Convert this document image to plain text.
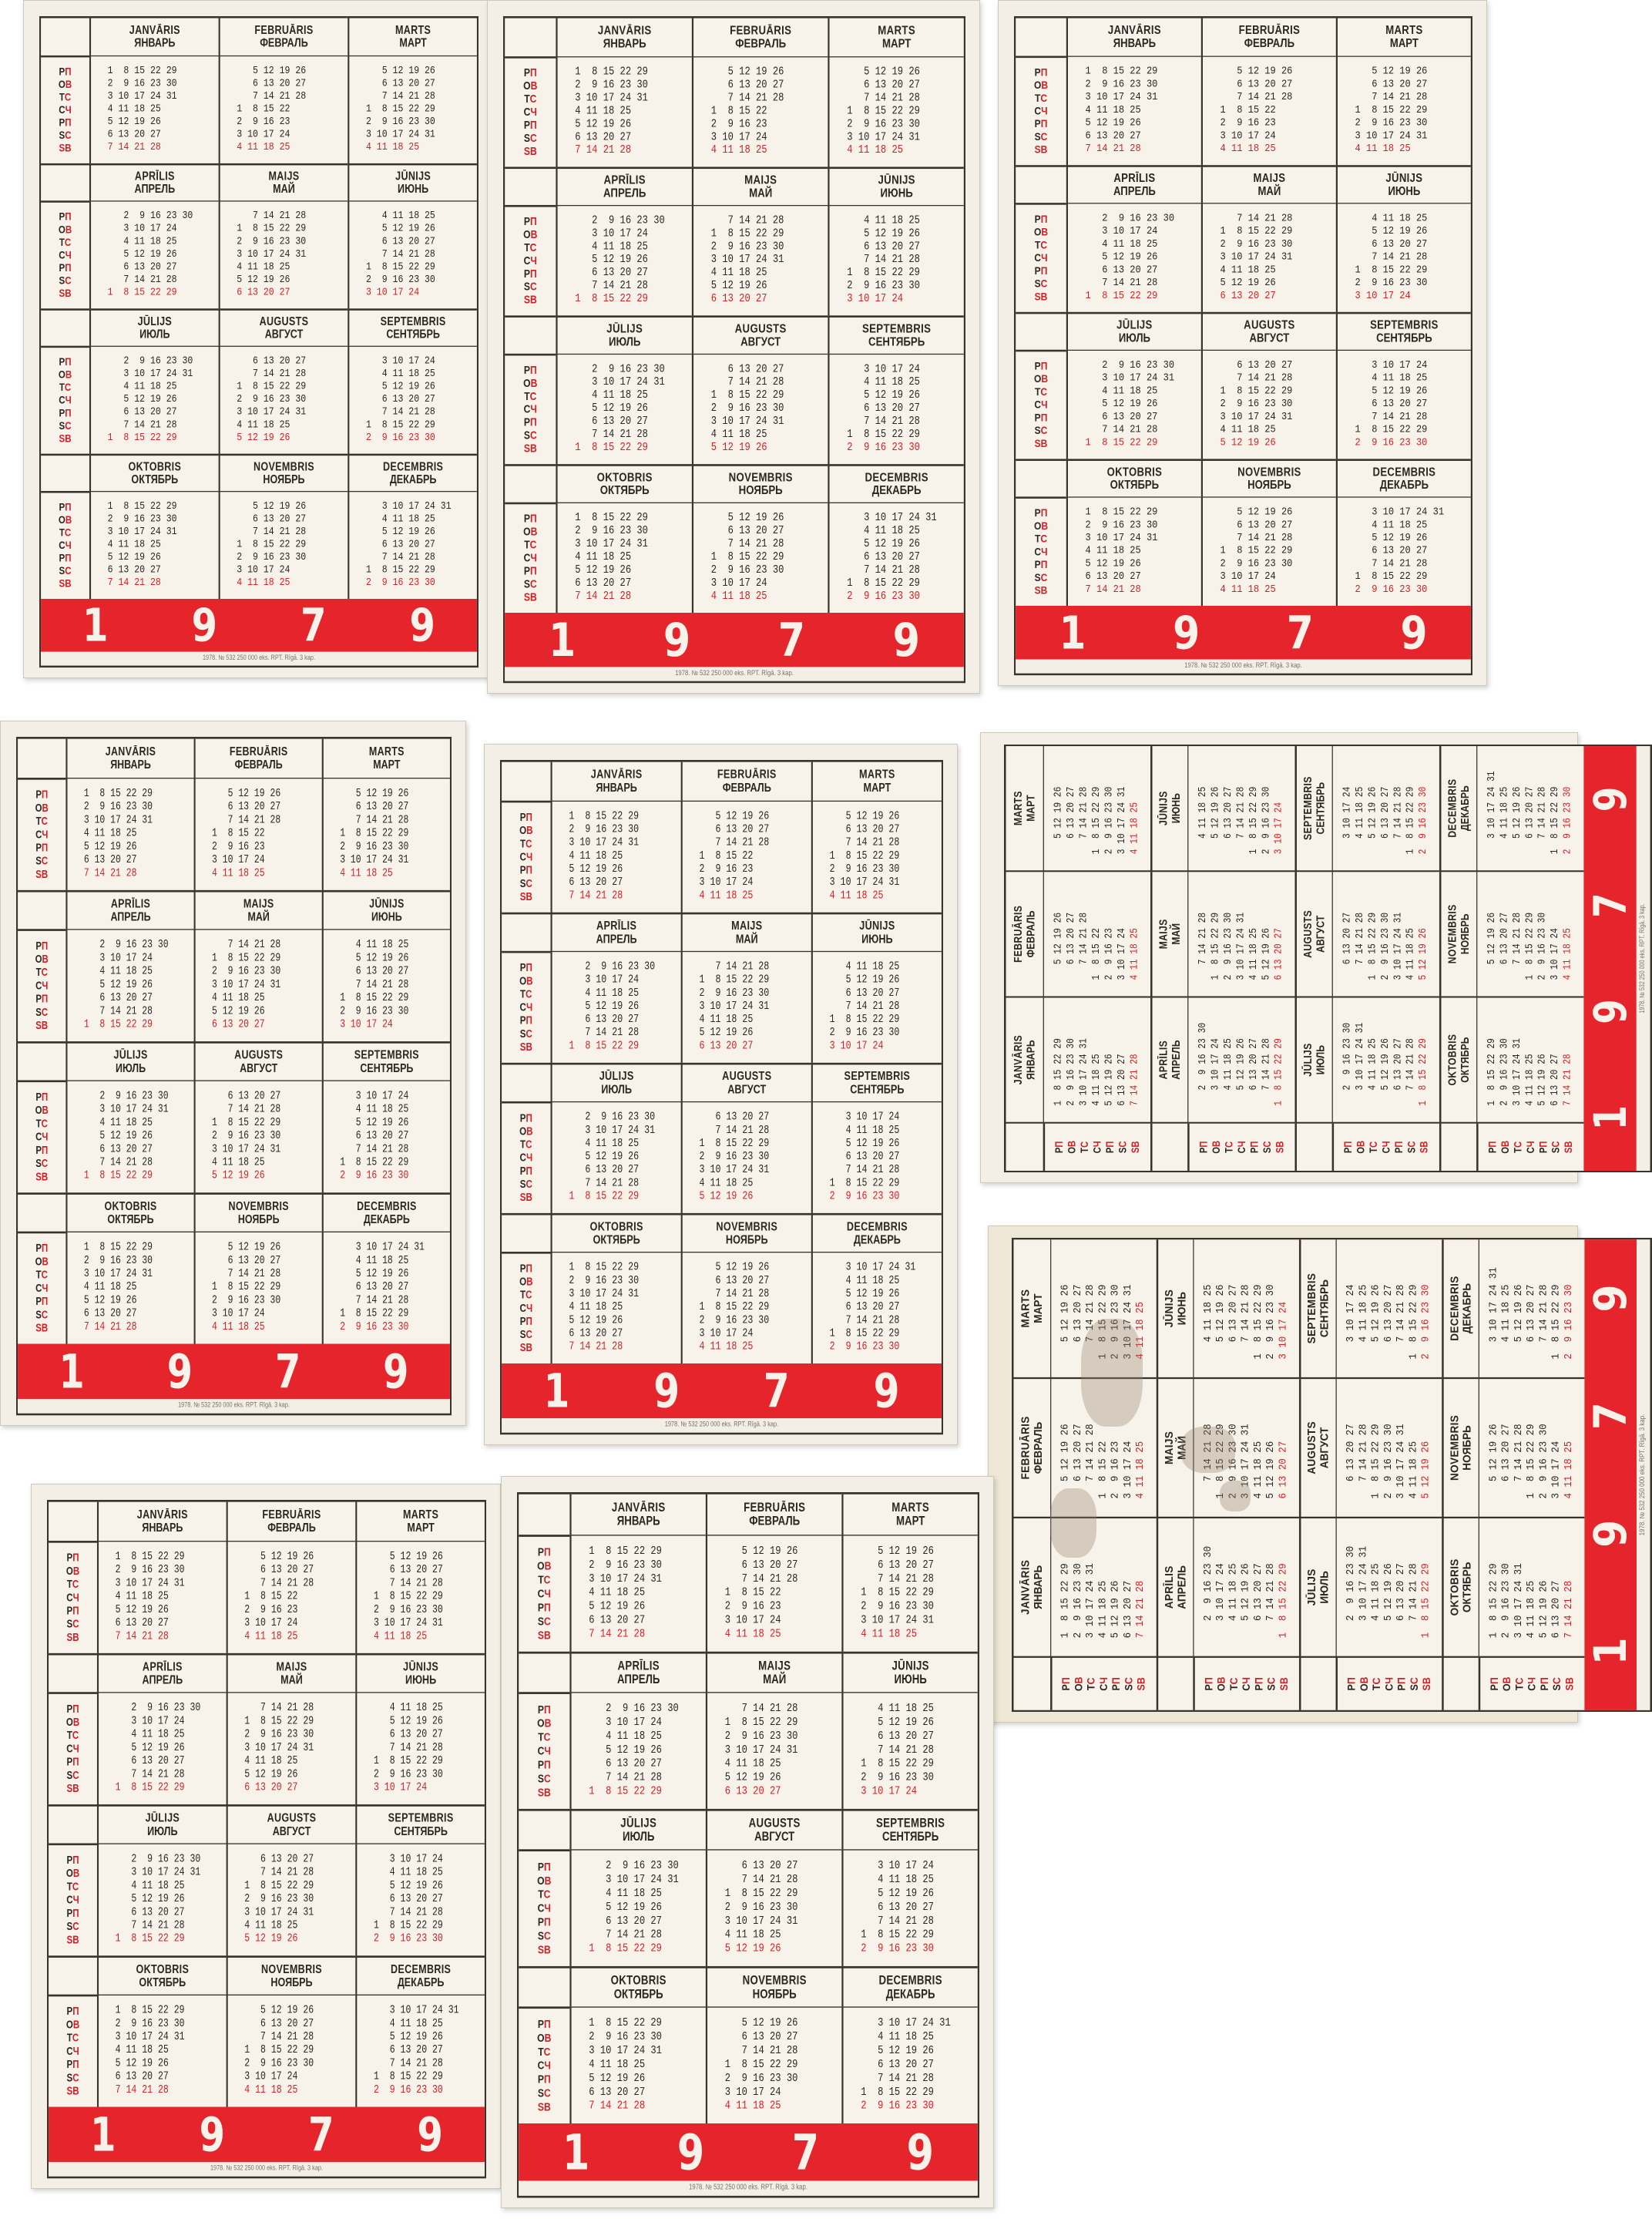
JANVĀRIS
ЯНВАРЬ
FEBRUĀRIS
ФЕВРАЛЬ
MARTS
МАРТ
PП
OВ
TС
CЧ
PП
SС
SB
1  8 15 22 29
2  9 16 23 30
3 10 17 24 31
4 11 18 25
5 12 19 26
6 13 20 27
7 14 21 28
5 12 19 26
6 13 20 27
7 14 21 28
1  8 15 22
2  9 16 23
3 10 17 24
4 11 18 25
5 12 19 26
6 13 20 27
7 14 21 28
1  8 15 22 29
2  9 16 23 30
3 10 17 24 31
4 11 18 25
APRĪLIS
АПРЕЛЬ
MAIJS
МАЙ
JŪNIJS
ИЮНЬ
PП
OВ
TС
CЧ
PП
SС
SB
2  9 16 23 30
3 10 17 24
4 11 18 25
5 12 19 26
6 13 20 27
7 14 21 28
1  8 15 22 29
7 14 21 28
1  8 15 22 29
2  9 16 23 30
3 10 17 24 31
4 11 18 25
5 12 19 26
6 13 20 27
4 11 18 25
5 12 19 26
6 13 20 27
7 14 21 28
1  8 15 22 29
2  9 16 23 30
3 10 17 24
JŪLIJS
ИЮЛЬ
AUGUSTS
АВГУСТ
SEPTEMBRIS
СЕНТЯБРЬ
PП
OВ
TС
CЧ
PП
SС
SB
2  9 16 23 30
3 10 17 24 31
4 11 18 25
5 12 19 26
6 13 20 27
7 14 21 28
1  8 15 22 29
6 13 20 27
7 14 21 28
1  8 15 22 29
2  9 16 23 30
3 10 17 24 31
4 11 18 25
5 12 19 26
3 10 17 24
4 11 18 25
5 12 19 26
6 13 20 27
7 14 21 28
1  8 15 22 29
2  9 16 23 30
OKTOBRIS
ОКТЯБРЬ
NOVEMBRIS
НОЯБРЬ
DECEMBRIS
ДЕКАБРЬ
PП
OВ
TС
CЧ
PП
SС
SB
1  8 15 22 29
2  9 16 23 30
3 10 17 24 31
4 11 18 25
5 12 19 26
6 13 20 27
7 14 21 28
5 12 19 26
6 13 20 27
7 14 21 28
1  8 15 22 29
2  9 16 23 30
3 10 17 24
4 11 18 25
3 10 17 24 31
4 11 18 25
5 12 19 26
6 13 20 27
7 14 21 28
1  8 15 22 29
2  9 16 23 30
1 9 7 9
1978. № 532 250 000 eks. RPT. Rīgā. 3 kap.
JANVĀRIS
ЯНВАРЬ
FEBRUĀRIS
ФЕВРАЛЬ
MARTS
МАРТ
PП
OВ
TС
CЧ
PП
SС
SB
1  8 15 22 29
2  9 16 23 30
3 10 17 24 31
4 11 18 25
5 12 19 26
6 13 20 27
7 14 21 28
5 12 19 26
6 13 20 27
7 14 21 28
1  8 15 22
2  9 16 23
3 10 17 24
4 11 18 25
5 12 19 26
6 13 20 27
7 14 21 28
1  8 15 22 29
2  9 16 23 30
3 10 17 24 31
4 11 18 25
APRĪLIS
АПРЕЛЬ
MAIJS
МАЙ
JŪNIJS
ИЮНЬ
PП
OВ
TС
CЧ
PП
SС
SB
2  9 16 23 30
3 10 17 24
4 11 18 25
5 12 19 26
6 13 20 27
7 14 21 28
1  8 15 22 29
7 14 21 28
1  8 15 22 29
2  9 16 23 30
3 10 17 24 31
4 11 18 25
5 12 19 26
6 13 20 27
4 11 18 25
5 12 19 26
6 13 20 27
7 14 21 28
1  8 15 22 29
2  9 16 23 30
3 10 17 24
JŪLIJS
ИЮЛЬ
AUGUSTS
АВГУСТ
SEPTEMBRIS
СЕНТЯБРЬ
PП
OВ
TС
CЧ
PП
SС
SB
2  9 16 23 30
3 10 17 24 31
4 11 18 25
5 12 19 26
6 13 20 27
7 14 21 28
1  8 15 22 29
6 13 20 27
7 14 21 28
1  8 15 22 29
2  9 16 23 30
3 10 17 24 31
4 11 18 25
5 12 19 26
3 10 17 24
4 11 18 25
5 12 19 26
6 13 20 27
7 14 21 28
1  8 15 22 29
2  9 16 23 30
OKTOBRIS
ОКТЯБРЬ
NOVEMBRIS
НОЯБРЬ
DECEMBRIS
ДЕКАБРЬ
PП
OВ
TС
CЧ
PП
SС
SB
1  8 15 22 29
2  9 16 23 30
3 10 17 24 31
4 11 18 25
5 12 19 26
6 13 20 27
7 14 21 28
5 12 19 26
6 13 20 27
7 14 21 28
1  8 15 22 29
2  9 16 23 30
3 10 17 24
4 11 18 25
3 10 17 24 31
4 11 18 25
5 12 19 26
6 13 20 27
7 14 21 28
1  8 15 22 29
2  9 16 23 30
1 9 7 9
1978. № 532 250 000 eks. RPT. Rīgā. 3 kap.
JANVĀRIS
ЯНВАРЬ
FEBRUĀRIS
ФЕВРАЛЬ
MARTS
МАРТ
PП
OВ
TС
CЧ
PП
SС
SB
1  8 15 22 29
2  9 16 23 30
3 10 17 24 31
4 11 18 25
5 12 19 26
6 13 20 27
7 14 21 28
5 12 19 26
6 13 20 27
7 14 21 28
1  8 15 22
2  9 16 23
3 10 17 24
4 11 18 25
5 12 19 26
6 13 20 27
7 14 21 28
1  8 15 22 29
2  9 16 23 30
3 10 17 24 31
4 11 18 25
APRĪLIS
АПРЕЛЬ
MAIJS
МАЙ
JŪNIJS
ИЮНЬ
PП
OВ
TС
CЧ
PП
SС
SB
2  9 16 23 30
3 10 17 24
4 11 18 25
5 12 19 26
6 13 20 27
7 14 21 28
1  8 15 22 29
7 14 21 28
1  8 15 22 29
2  9 16 23 30
3 10 17 24 31
4 11 18 25
5 12 19 26
6 13 20 27
4 11 18 25
5 12 19 26
6 13 20 27
7 14 21 28
1  8 15 22 29
2  9 16 23 30
3 10 17 24
JŪLIJS
ИЮЛЬ
AUGUSTS
АВГУСТ
SEPTEMBRIS
СЕНТЯБРЬ
PП
OВ
TС
CЧ
PП
SС
SB
2  9 16 23 30
3 10 17 24 31
4 11 18 25
5 12 19 26
6 13 20 27
7 14 21 28
1  8 15 22 29
6 13 20 27
7 14 21 28
1  8 15 22 29
2  9 16 23 30
3 10 17 24 31
4 11 18 25
5 12 19 26
3 10 17 24
4 11 18 25
5 12 19 26
6 13 20 27
7 14 21 28
1  8 15 22 29
2  9 16 23 30
OKTOBRIS
ОКТЯБРЬ
NOVEMBRIS
НОЯБРЬ
DECEMBRIS
ДЕКАБРЬ
PП
OВ
TС
CЧ
PП
SС
SB
1  8 15 22 29
2  9 16 23 30
3 10 17 24 31
4 11 18 25
5 12 19 26
6 13 20 27
7 14 21 28
5 12 19 26
6 13 20 27
7 14 21 28
1  8 15 22 29
2  9 16 23 30
3 10 17 24
4 11 18 25
3 10 17 24 31
4 11 18 25
5 12 19 26
6 13 20 27
7 14 21 28
1  8 15 22 29
2  9 16 23 30
1 9 7 9
1978. № 532 250 000 eks. RPT. Rīgā. 3 kap.
JANVĀRIS
ЯНВАРЬ
FEBRUĀRIS
ФЕВРАЛЬ
MARTS
МАРТ
PП
OВ
TС
CЧ
PП
SС
SB
1  8 15 22 29
2  9 16 23 30
3 10 17 24 31
4 11 18 25
5 12 19 26
6 13 20 27
7 14 21 28
5 12 19 26
6 13 20 27
7 14 21 28
1  8 15 22
2  9 16 23
3 10 17 24
4 11 18 25
5 12 19 26
6 13 20 27
7 14 21 28
1  8 15 22 29
2  9 16 23 30
3 10 17 24 31
4 11 18 25
APRĪLIS
АПРЕЛЬ
MAIJS
МАЙ
JŪNIJS
ИЮНЬ
PП
OВ
TС
CЧ
PП
SС
SB
2  9 16 23 30
3 10 17 24
4 11 18 25
5 12 19 26
6 13 20 27
7 14 21 28
1  8 15 22 29
7 14 21 28
1  8 15 22 29
2  9 16 23 30
3 10 17 24 31
4 11 18 25
5 12 19 26
6 13 20 27
4 11 18 25
5 12 19 26
6 13 20 27
7 14 21 28
1  8 15 22 29
2  9 16 23 30
3 10 17 24
JŪLIJS
ИЮЛЬ
AUGUSTS
АВГУСТ
SEPTEMBRIS
СЕНТЯБРЬ
PП
OВ
TС
CЧ
PП
SС
SB
2  9 16 23 30
3 10 17 24 31
4 11 18 25
5 12 19 26
6 13 20 27
7 14 21 28
1  8 15 22 29
6 13 20 27
7 14 21 28
1  8 15 22 29
2  9 16 23 30
3 10 17 24 31
4 11 18 25
5 12 19 26
3 10 17 24
4 11 18 25
5 12 19 26
6 13 20 27
7 14 21 28
1  8 15 22 29
2  9 16 23 30
OKTOBRIS
ОКТЯБРЬ
NOVEMBRIS
НОЯБРЬ
DECEMBRIS
ДЕКАБРЬ
PП
OВ
TС
CЧ
PП
SС
SB
1  8 15 22 29
2  9 16 23 30
3 10 17 24 31
4 11 18 25
5 12 19 26
6 13 20 27
7 14 21 28
5 12 19 26
6 13 20 27
7 14 21 28
1  8 15 22 29
2  9 16 23 30
3 10 17 24
4 11 18 25
3 10 17 24 31
4 11 18 25
5 12 19 26
6 13 20 27
7 14 21 28
1  8 15 22 29
2  9 16 23 30
1 9 7 9
1978. № 532 250 000 eks. RPT. Rīgā. 3 kap.
JANVĀRIS
ЯНВАРЬ
FEBRUĀRIS
ФЕВРАЛЬ
MARTS
МАРТ
PП
OВ
TС
CЧ
PП
SС
SB
1  8 15 22 29
2  9 16 23 30
3 10 17 24 31
4 11 18 25
5 12 19 26
6 13 20 27
7 14 21 28
5 12 19 26
6 13 20 27
7 14 21 28
1  8 15 22
2  9 16 23
3 10 17 24
4 11 18 25
5 12 19 26
6 13 20 27
7 14 21 28
1  8 15 22 29
2  9 16 23 30
3 10 17 24 31
4 11 18 25
APRĪLIS
АПРЕЛЬ
MAIJS
МАЙ
JŪNIJS
ИЮНЬ
PП
OВ
TС
CЧ
PП
SС
SB
2  9 16 23 30
3 10 17 24
4 11 18 25
5 12 19 26
6 13 20 27
7 14 21 28
1  8 15 22 29
7 14 21 28
1  8 15 22 29
2  9 16 23 30
3 10 17 24 31
4 11 18 25
5 12 19 26
6 13 20 27
4 11 18 25
5 12 19 26
6 13 20 27
7 14 21 28
1  8 15 22 29
2  9 16 23 30
3 10 17 24
JŪLIJS
ИЮЛЬ
AUGUSTS
АВГУСТ
SEPTEMBRIS
СЕНТЯБРЬ
PП
OВ
TС
CЧ
PП
SС
SB
2  9 16 23 30
3 10 17 24 31
4 11 18 25
5 12 19 26
6 13 20 27
7 14 21 28
1  8 15 22 29
6 13 20 27
7 14 21 28
1  8 15 22 29
2  9 16 23 30
3 10 17 24 31
4 11 18 25
5 12 19 26
3 10 17 24
4 11 18 25
5 12 19 26
6 13 20 27
7 14 21 28
1  8 15 22 29
2  9 16 23 30
OKTOBRIS
ОКТЯБРЬ
NOVEMBRIS
НОЯБРЬ
DECEMBRIS
ДЕКАБРЬ
PП
OВ
TС
CЧ
PП
SС
SB
1  8 15 22 29
2  9 16 23 30
3 10 17 24 31
4 11 18 25
5 12 19 26
6 13 20 27
7 14 21 28
5 12 19 26
6 13 20 27
7 14 21 28
1  8 15 22 29
2  9 16 23 30
3 10 17 24
4 11 18 25
3 10 17 24 31
4 11 18 25
5 12 19 26
6 13 20 27
7 14 21 28
1  8 15 22 29
2  9 16 23 30
1 9 7 9
1978. № 532 250 000 eks. RPT. Rīgā. 3 kap.
JANVĀRIS
ЯНВАРЬ
FEBRUĀRIS
ФЕВРАЛЬ
MARTS
МАРТ
PП
OВ
TС
CЧ
PП
SС
SB
1  8 15 22 29 2  9 16 23 30 3 10 17 24 31 4 11 18 25 5 12 19 26 6 13 20 27 7 14 21 28
5 12 19 26 6 13 20 27 7 14 21 28 1  8 15 22 2  9 16 23 3 10 17 24 4 11 18 25
5 12 19 26 6 13 20 27 7 14 21 28 1  8 15 22 29 2  9 16 23 30 3 10 17 24 31 4 11 18 25
APRĪLIS
АПРЕЛЬ
MAIJS
МАЙ
JŪNIJS
ИЮНЬ
PП
OВ
TС
CЧ
PП
SС
SB
2  9 16 23 30 3 10 17 24 4 11 18 25 5 12 19 26 6 13 20 27 7 14 21 28 1  8 15 22 29
7 14 21 28 1  8 15 22 29 2  9 16 23 30 3 10 17 24 31 4 11 18 25 5 12 19 26 6 13 20 27
4 11 18 25 5 12 19 26 6 13 20 27 7 14 21 28 1  8 15 22 29 2  9 16 23 30 3 10 17 24
JŪLIJS
ИЮЛЬ
AUGUSTS
АВГУСТ
SEPTEMBRIS
СЕНТЯБРЬ
PП
OВ
TС
CЧ
PП
SС
SB
2  9 16 23 30 3 10 17 24 31 4 11 18 25 5 12 19 26 6 13 20 27 7 14 21 28 1  8 15 22 29
6 13 20 27 7 14 21 28 1  8 15 22 29 2  9 16 23 30 3 10 17 24 31 4 11 18 25 5 12 19 26
3 10 17 24 4 11 18 25 5 12 19 26 6 13 20 27 7 14 21 28 1  8 15 22 29 2  9 16 23 30
OKTOBRIS
ОКТЯБРЬ
NOVEMBRIS
НОЯБРЬ
DECEMBRIS
ДЕКАБРЬ
PП
OВ
TС
CЧ
PП
SС
SB
1  8 15 22 29 2  9 16 23 30 3 10 17 24 31 4 11 18 25 5 12 19 26 6 13 20 27 7 14 21 28
5 12 19 26 6 13 20 27 7 14 21 28 1  8 15 22 29 2  9 16 23 30 3 10 17 24 4 11 18 25
3 10 17 24 31 4 11 18 25 5 12 19 26 6 13 20 27 7 14 21 28 1  8 15 22 29 2  9 16 23 30
1
9
7
9
1978. № 532 250 000 eks. RPT. Rīgā. 3 kap.
JANVĀRIS
ЯНВАРЬ
FEBRUĀRIS
ФЕВРАЛЬ
MARTS
МАРТ
PП
OВ
TС
CЧ
PП
SС
SB
1  8 15 22 29 2  9 16 23 30 3 10 17 24 31 4 11 18 25 5 12 19 26 6 13 20 27 7 14 21 28
5 12 19 26 6 13 20 27 7 14 21 28 1  8 15 22 2  9 16 23 3 10 17 24 4 11 18 25
5 12 19 26 6 13 20 27 7 14 21 28 1  8 15 22 29 2  9 16 23 30 3 10 17 24 31 4 11 18 25
APRĪLIS
АПРЕЛЬ
MAIJS
МАЙ
JŪNIJS
ИЮНЬ
PП
OВ
TС
CЧ
PП
SС
SB
2  9 16 23 30 3 10 17 24 4 11 18 25 5 12 19 26 6 13 20 27 7 14 21 28 1  8 15 22 29
7 14 21 28 1  8 15 22 29 2  9 16 23 30 3 10 17 24 31 4 11 18 25 5 12 19 26 6 13 20 27
4 11 18 25 5 12 19 26 6 13 20 27 7 14 21 28 1  8 15 22 29 2  9 16 23 30 3 10 17 24
JŪLIJS
ИЮЛЬ
AUGUSTS
АВГУСТ
SEPTEMBRIS
СЕНТЯБРЬ
PП
OВ
TС
CЧ
PП
SС
SB
2  9 16 23 30 3 10 17 24 31 4 11 18 25 5 12 19 26 6 13 20 27 7 14 21 28 1  8 15 22 29
6 13 20 27 7 14 21 28 1  8 15 22 29 2  9 16 23 30 3 10 17 24 31 4 11 18 25 5 12 19 26
3 10 17 24 4 11 18 25 5 12 19 26 6 13 20 27 7 14 21 28 1  8 15 22 29 2  9 16 23 30
OKTOBRIS
ОКТЯБРЬ
NOVEMBRIS
НОЯБРЬ
DECEMBRIS
ДЕКАБРЬ
PП
OВ
TС
CЧ
PП
SС
SB
1  8 15 22 29 2  9 16 23 30 3 10 17 24 31 4 11 18 25 5 12 19 26 6 13 20 27 7 14 21 28
5 12 19 26 6 13 20 27 7 14 21 28 1  8 15 22 29 2  9 16 23 30 3 10 17 24 4 11 18 25
3 10 17 24 31 4 11 18 25 5 12 19 26 6 13 20 27 7 14 21 28 1  8 15 22 29 2  9 16 23 30
1
9
7
9
1978. № 532 250 000 eks. RPT. Rīgā. 3 kap.
JANVĀRIS
ЯНВАРЬ
FEBRUĀRIS
ФЕВРАЛЬ
MARTS
МАРТ
PП
OВ
TС
CЧ
PП
SС
SB
1  8 15 22 29
2  9 16 23 30
3 10 17 24 31
4 11 18 25
5 12 19 26
6 13 20 27
7 14 21 28
5 12 19 26
6 13 20 27
7 14 21 28
1  8 15 22
2  9 16 23
3 10 17 24
4 11 18 25
5 12 19 26
6 13 20 27
7 14 21 28
1  8 15 22 29
2  9 16 23 30
3 10 17 24 31
4 11 18 25
APRĪLIS
АПРЕЛЬ
MAIJS
МАЙ
JŪNIJS
ИЮНЬ
PП
OВ
TС
CЧ
PП
SС
SB
2  9 16 23 30
3 10 17 24
4 11 18 25
5 12 19 26
6 13 20 27
7 14 21 28
1  8 15 22 29
7 14 21 28
1  8 15 22 29
2  9 16 23 30
3 10 17 24 31
4 11 18 25
5 12 19 26
6 13 20 27
4 11 18 25
5 12 19 26
6 13 20 27
7 14 21 28
1  8 15 22 29
2  9 16 23 30
3 10 17 24
JŪLIJS
ИЮЛЬ
AUGUSTS
АВГУСТ
SEPTEMBRIS
СЕНТЯБРЬ
PП
OВ
TС
CЧ
PП
SС
SB
2  9 16 23 30
3 10 17 24 31
4 11 18 25
5 12 19 26
6 13 20 27
7 14 21 28
1  8 15 22 29
6 13 20 27
7 14 21 28
1  8 15 22 29
2  9 16 23 30
3 10 17 24 31
4 11 18 25
5 12 19 26
3 10 17 24
4 11 18 25
5 12 19 26
6 13 20 27
7 14 21 28
1  8 15 22 29
2  9 16 23 30
OKTOBRIS
ОКТЯБРЬ
NOVEMBRIS
НОЯБРЬ
DECEMBRIS
ДЕКАБРЬ
PП
OВ
TС
CЧ
PП
SС
SB
1  8 15 22 29
2  9 16 23 30
3 10 17 24 31
4 11 18 25
5 12 19 26
6 13 20 27
7 14 21 28
5 12 19 26
6 13 20 27
7 14 21 28
1  8 15 22 29
2  9 16 23 30
3 10 17 24
4 11 18 25
3 10 17 24 31
4 11 18 25
5 12 19 26
6 13 20 27
7 14 21 28
1  8 15 22 29
2  9 16 23 30
1 9 7 9
1978. № 532 250 000 eks. RPT. Rīgā. 3 kap.
JANVĀRIS
ЯНВАРЬ
FEBRUĀRIS
ФЕВРАЛЬ
MARTS
МАРТ
PП
OВ
TС
CЧ
PП
SС
SB
1  8 15 22 29
2  9 16 23 30
3 10 17 24 31
4 11 18 25
5 12 19 26
6 13 20 27
7 14 21 28
5 12 19 26
6 13 20 27
7 14 21 28
1  8 15 22
2  9 16 23
3 10 17 24
4 11 18 25
5 12 19 26
6 13 20 27
7 14 21 28
1  8 15 22 29
2  9 16 23 30
3 10 17 24 31
4 11 18 25
APRĪLIS
АПРЕЛЬ
MAIJS
МАЙ
JŪNIJS
ИЮНЬ
PП
OВ
TС
CЧ
PП
SС
SB
2  9 16 23 30
3 10 17 24
4 11 18 25
5 12 19 26
6 13 20 27
7 14 21 28
1  8 15 22 29
7 14 21 28
1  8 15 22 29
2  9 16 23 30
3 10 17 24 31
4 11 18 25
5 12 19 26
6 13 20 27
4 11 18 25
5 12 19 26
6 13 20 27
7 14 21 28
1  8 15 22 29
2  9 16 23 30
3 10 17 24
JŪLIJS
ИЮЛЬ
AUGUSTS
АВГУСТ
SEPTEMBRIS
СЕНТЯБРЬ
PП
OВ
TС
CЧ
PП
SС
SB
2  9 16 23 30
3 10 17 24 31
4 11 18 25
5 12 19 26
6 13 20 27
7 14 21 28
1  8 15 22 29
6 13 20 27
7 14 21 28
1  8 15 22 29
2  9 16 23 30
3 10 17 24 31
4 11 18 25
5 12 19 26
3 10 17 24
4 11 18 25
5 12 19 26
6 13 20 27
7 14 21 28
1  8 15 22 29
2  9 16 23 30
OKTOBRIS
ОКТЯБРЬ
NOVEMBRIS
НОЯБРЬ
DECEMBRIS
ДЕКАБРЬ
PП
OВ
TС
CЧ
PП
SС
SB
1  8 15 22 29
2  9 16 23 30
3 10 17 24 31
4 11 18 25
5 12 19 26
6 13 20 27
7 14 21 28
5 12 19 26
6 13 20 27
7 14 21 28
1  8 15 22 29
2  9 16 23 30
3 10 17 24
4 11 18 25
3 10 17 24 31
4 11 18 25
5 12 19 26
6 13 20 27
7 14 21 28
1  8 15 22 29
2  9 16 23 30
1 9 7 9
1978. № 532 250 000 eks. RPT. Rīgā. 3 kap.
